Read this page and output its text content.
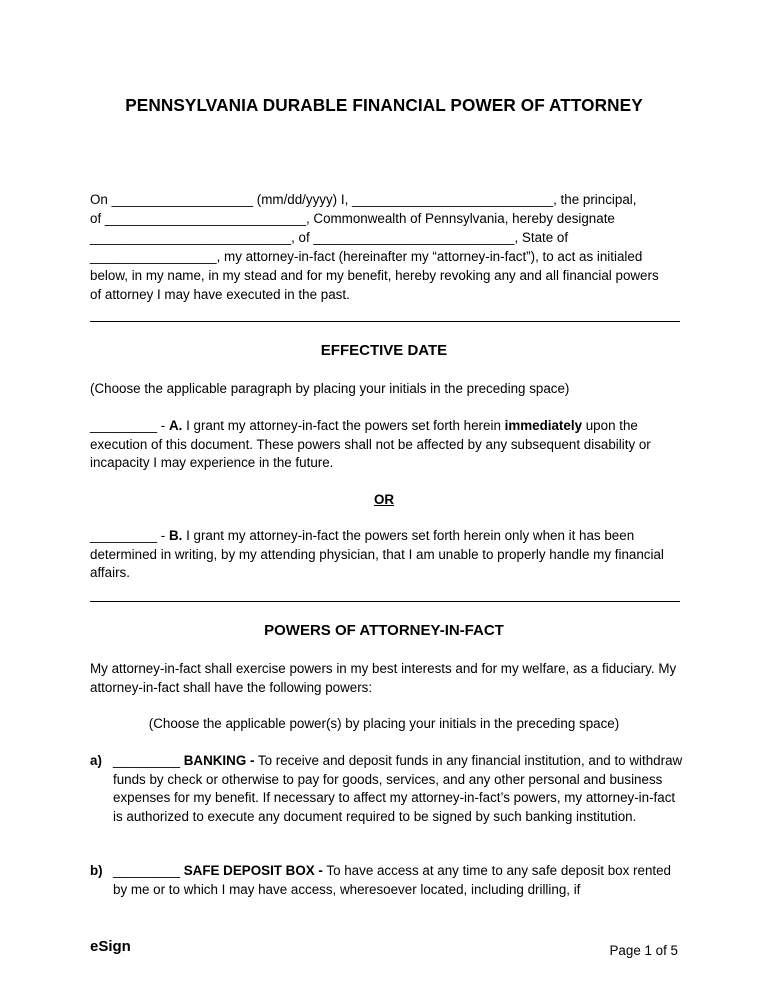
PENNSYLVANIA DURABLE FINANCIAL POWER OF ATTORNEY
On ___________________ (mm/dd/yyyy) I, ___________________________, the principal,
of ___________________________, Commonwealth of Pennsylvania, hereby designate
___________________________, of ___________________________, State of
_________________, my attorney-in-fact (hereinafter my “attorney-in-fact”), to act as initialed
below, in my name, in my stead and for my benefit, hereby revoking any and all financial powers
of attorney I may have executed in the past.
EFFECTIVE DATE
(Choose the applicable paragraph by placing your initials in the preceding space)

_________ - A. I grant my attorney-in-fact the powers set forth herein immediately upon the execution of this document. These powers shall not be affected by any subsequent disability or incapacity I may experience in the future.

OR

_________ - B. I grant my attorney-in-fact the powers set forth herein only when it has been determined in writing, by my attending physician, that I am unable to properly handle my financial affairs.

POWERS OF ATTORNEY-IN-FACT

My attorney-in-fact shall exercise powers in my best interests and for my welfare, as a fiduciary. My attorney-in-fact shall have the following powers:

(Choose the applicable power(s) by placing your initials in the preceding space)
a) _________ BANKING - To receive and deposit funds in any financial institution, and to withdraw funds by check or otherwise to pay for goods, services, and any other personal and business expenses for my benefit. If necessary to affect my attorney-in-fact’s powers, my attorney-in-fact is authorized to execute any document required to be signed by such banking institution.

b) _________ SAFE DEPOSIT BOX - To have access at any time to any safe deposit box rented by me or to which I may have access, wheresoever located, including drilling, if

eSign	Page 1 of 5
